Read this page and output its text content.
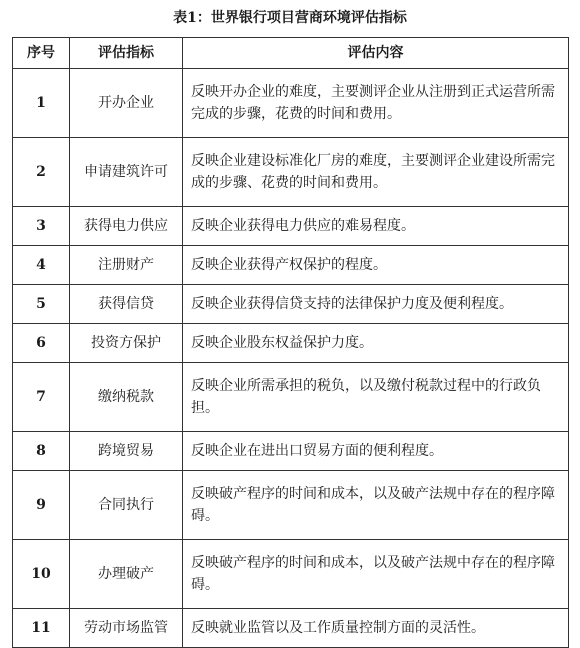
表1：世界银行项目营商环境评估指标
序号	评估指标	评估内容
1	开办企业	反映开办企业的难度，主要测评企业从注册到正式运营所需完成的步骤，花费的时间和费用。
2	申请建筑许可	反映企业建设标准化厂房的难度，主要测评企业建设所需完成的步骤、花费的时间和费用。
3	获得电力供应	反映企业获得电力供应的难易程度。
4	注册财产	反映企业获得产权保护的程度。
5	获得信贷	反映企业获得信贷支持的法律保护力度及便利程度。
6	投资方保护	反映企业股东权益保护力度。
7	缴纳税款	反映企业所需承担的税负，以及缴付税款过程中的行政负担。
8	跨境贸易	反映企业在进出口贸易方面的便利程度。
9	合同执行	反映破产程序的时间和成本，以及破产法规中存在的程序障碍。
10	办理破产	反映破产程序的时间和成本，以及破产法规中存在的程序障碍。
11	劳动市场监管	反映就业监管以及工作质量控制方面的灵活性。
